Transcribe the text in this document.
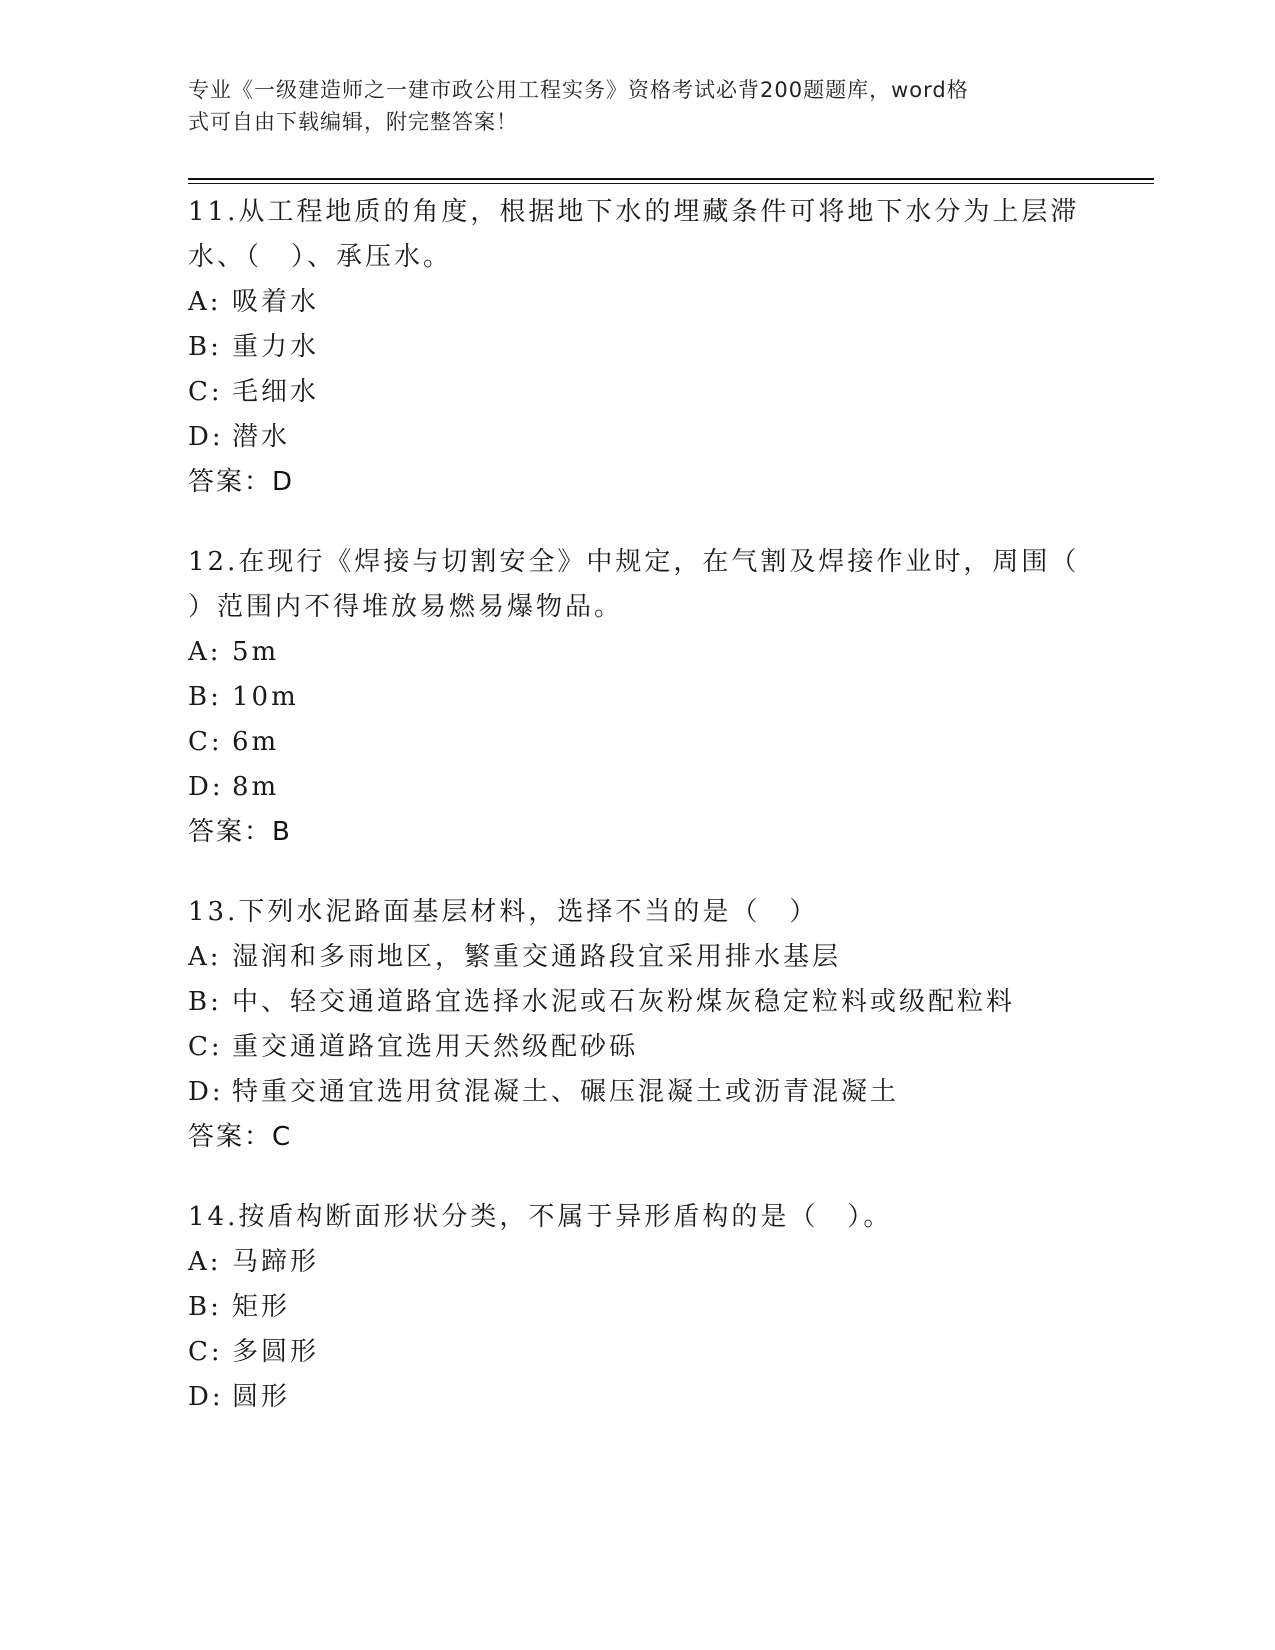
专业《一级建造师之一建市政公用工程实务》资格考试必背200题题库，word格
式可自由下载编辑，附完整答案！
11.从工程地质的角度，根据地下水的埋藏条件可将地下水分为上层滞
水、（　）、承压水。
A: 吸着水
B: 重力水
C: 毛细水
D: 潜水
答案：D
12.在现行《焊接与切割安全》中规定，在气割及焊接作业时，周围（
）范围内不得堆放易燃易爆物品。
A: 5m
B: 10m
C: 6m
D: 8m
答案：B
13.下列水泥路面基层材料，选择不当的是（　）
A: 湿润和多雨地区，繁重交通路段宜采用排水基层
B: 中、轻交通道路宜选择水泥或石灰粉煤灰稳定粒料或级配粒料
C: 重交通道路宜选用天然级配砂砾
D: 特重交通宜选用贫混凝土、碾压混凝土或沥青混凝土
答案：C
14.按盾构断面形状分类，不属于异形盾构的是（　）。
A: 马蹄形
B: 矩形
C: 多圆形
D: 圆形
